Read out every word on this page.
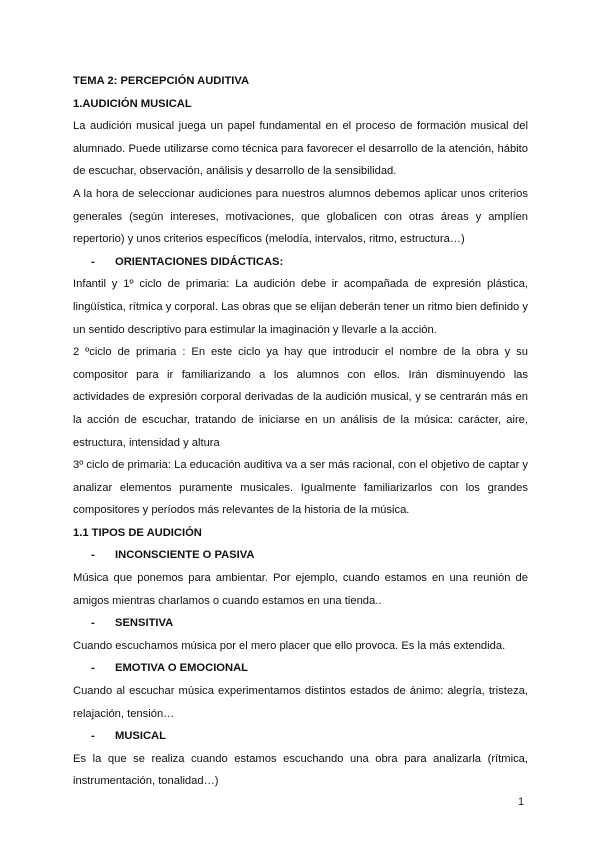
TEMA 2: PERCEPCIÓN AUDITIVA

1.AUDICIÓN MUSICAL

La audición musical juega un papel fundamental en el proceso de formación musical del alumnado. Puede utilizarse como técnica para favorecer el desarrollo de la atención, hábito de escuchar, observación, análisis y desarrollo de la sensibilidad.

A la hora de seleccionar audiciones para nuestros alumnos debemos aplicar unos criterios generales (según intereses, motivaciones, que globalicen con otras áreas y amplíen repertorio) y unos criterios específicos (melodía, intervalos, ritmo, estructura…)

-	ORIENTACIONES DIDÁCTICAS:

Infantil y 1º ciclo de primaria: La audición debe ir acompañada de expresión plástica, lingüística, rítmica y corporal. Las obras que se elijan deberán tener un ritmo bien definido y un sentido descriptivo para estimular la imaginación y llevarle a la acción.

2 ºciclo de primaria : En este ciclo ya hay que introducir el nombre de la obra y su compositor para ir familiarizando a los alumnos con ellos. Irán disminuyendo las actividades de expresión corporal derivadas de la audición musical, y se centrarán más en la acción de escuchar, tratando de iniciarse en un análisis de la música: carácter, aire, estructura, intensidad y altura

3º ciclo de primaria: La educación auditiva va a ser más racional, con el objetivo de captar y analizar elementos puramente musicales. Igualmente familiarizarlos con los grandes compositores y períodos más relevantes de la historia de la música.

1.1 TIPOS DE AUDICIÓN

-	INCONSCIENTE O PASIVA

Música que ponemos para ambientar. Por ejemplo, cuando estamos en una reunión de amigos mientras charlamos o cuando estamos en una tienda..

-	SENSITIVA

Cuando escuchamos música por el mero placer que ello provoca. Es la más extendida.

-	EMOTIVA O EMOCIONAL

Cuando al escuchar música experimentamos distintos estados de ánimo: alegría, tristeza, relajación, tensión…

-	MUSICAL

Es la que se realiza cuando estamos escuchando una obra para analizarla (rítmica, instrumentación, tonalidad…)

1
